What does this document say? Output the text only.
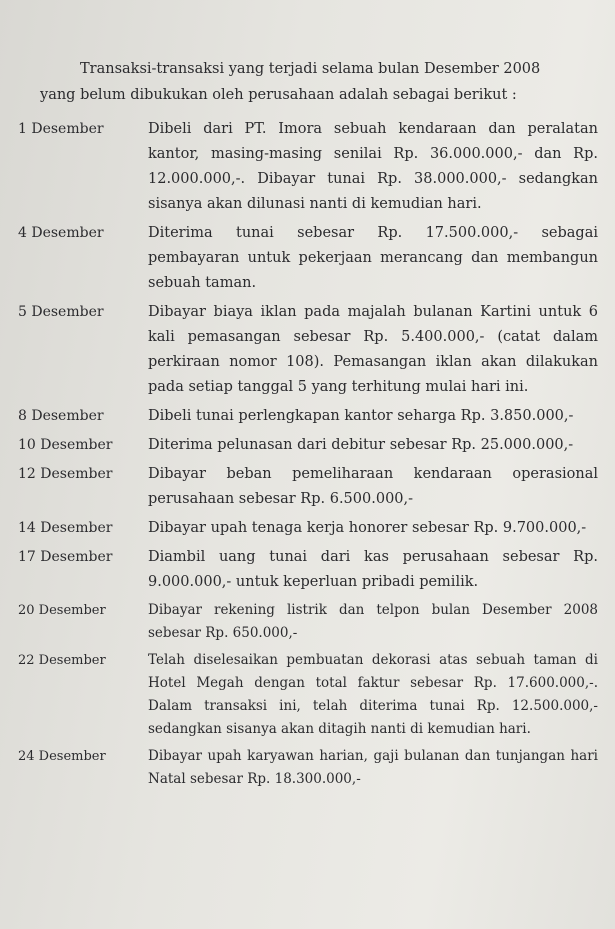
Transaksi-transaksi yang terjadi selama bulan Desember 2008
yang belum dibukukan oleh perusahaan adalah sebagai berikut :
1 Desember	Dibeli dari PT. Imora sebuah kendaraan dan peralatan kantor, masing-masing senilai Rp. 36.000.000,- dan Rp. 12.000.000,-. Dibayar tunai Rp. 38.000.000,- sedangkan sisanya akan dilunasi nanti di kemudian hari.
4 Desember	Diterima tunai sebesar Rp. 17.500.000,- sebagai pembayaran untuk pekerjaan merancang dan membangun sebuah taman.
5 Desember	Dibayar biaya iklan pada majalah bulanan Kartini untuk 6 kali pemasangan sebesar Rp. 5.400.000,- (catat dalam perkiraan nomor 108). Pemasangan iklan akan dilakukan pada setiap tanggal 5 yang terhitung mulai hari ini.
8 Desember	Dibeli tunai perlengkapan kantor seharga Rp. 3.850.000,-
10 Desember	Diterima pelunasan dari debitur sebesar Rp. 25.000.000,-
12 Desember	Dibayar beban pemeliharaan kendaraan operasional perusahaan sebesar Rp. 6.500.000,-
14 Desember	Dibayar upah tenaga kerja honorer sebesar Rp. 9.700.000,-
17 Desember	Diambil uang tunai dari kas perusahaan sebesar Rp. 9.000.000,- untuk keperluan pribadi pemilik.
20 Desember	Dibayar rekening listrik dan telpon bulan Desember 2008 sebesar Rp. 650.000,-
22 Desember	Telah diselesaikan pembuatan dekorasi atas sebuah taman di Hotel Megah dengan total faktur sebesar Rp. 17.600.000,-. Dalam transaksi ini, telah diterima tunai Rp. 12.500.000,- sedangkan sisanya akan ditagih nanti di kemudian hari.
24 Desember	Dibayar upah karyawan harian, gaji bulanan dan tunjangan hari Natal sebesar Rp. 18.300.000,-
